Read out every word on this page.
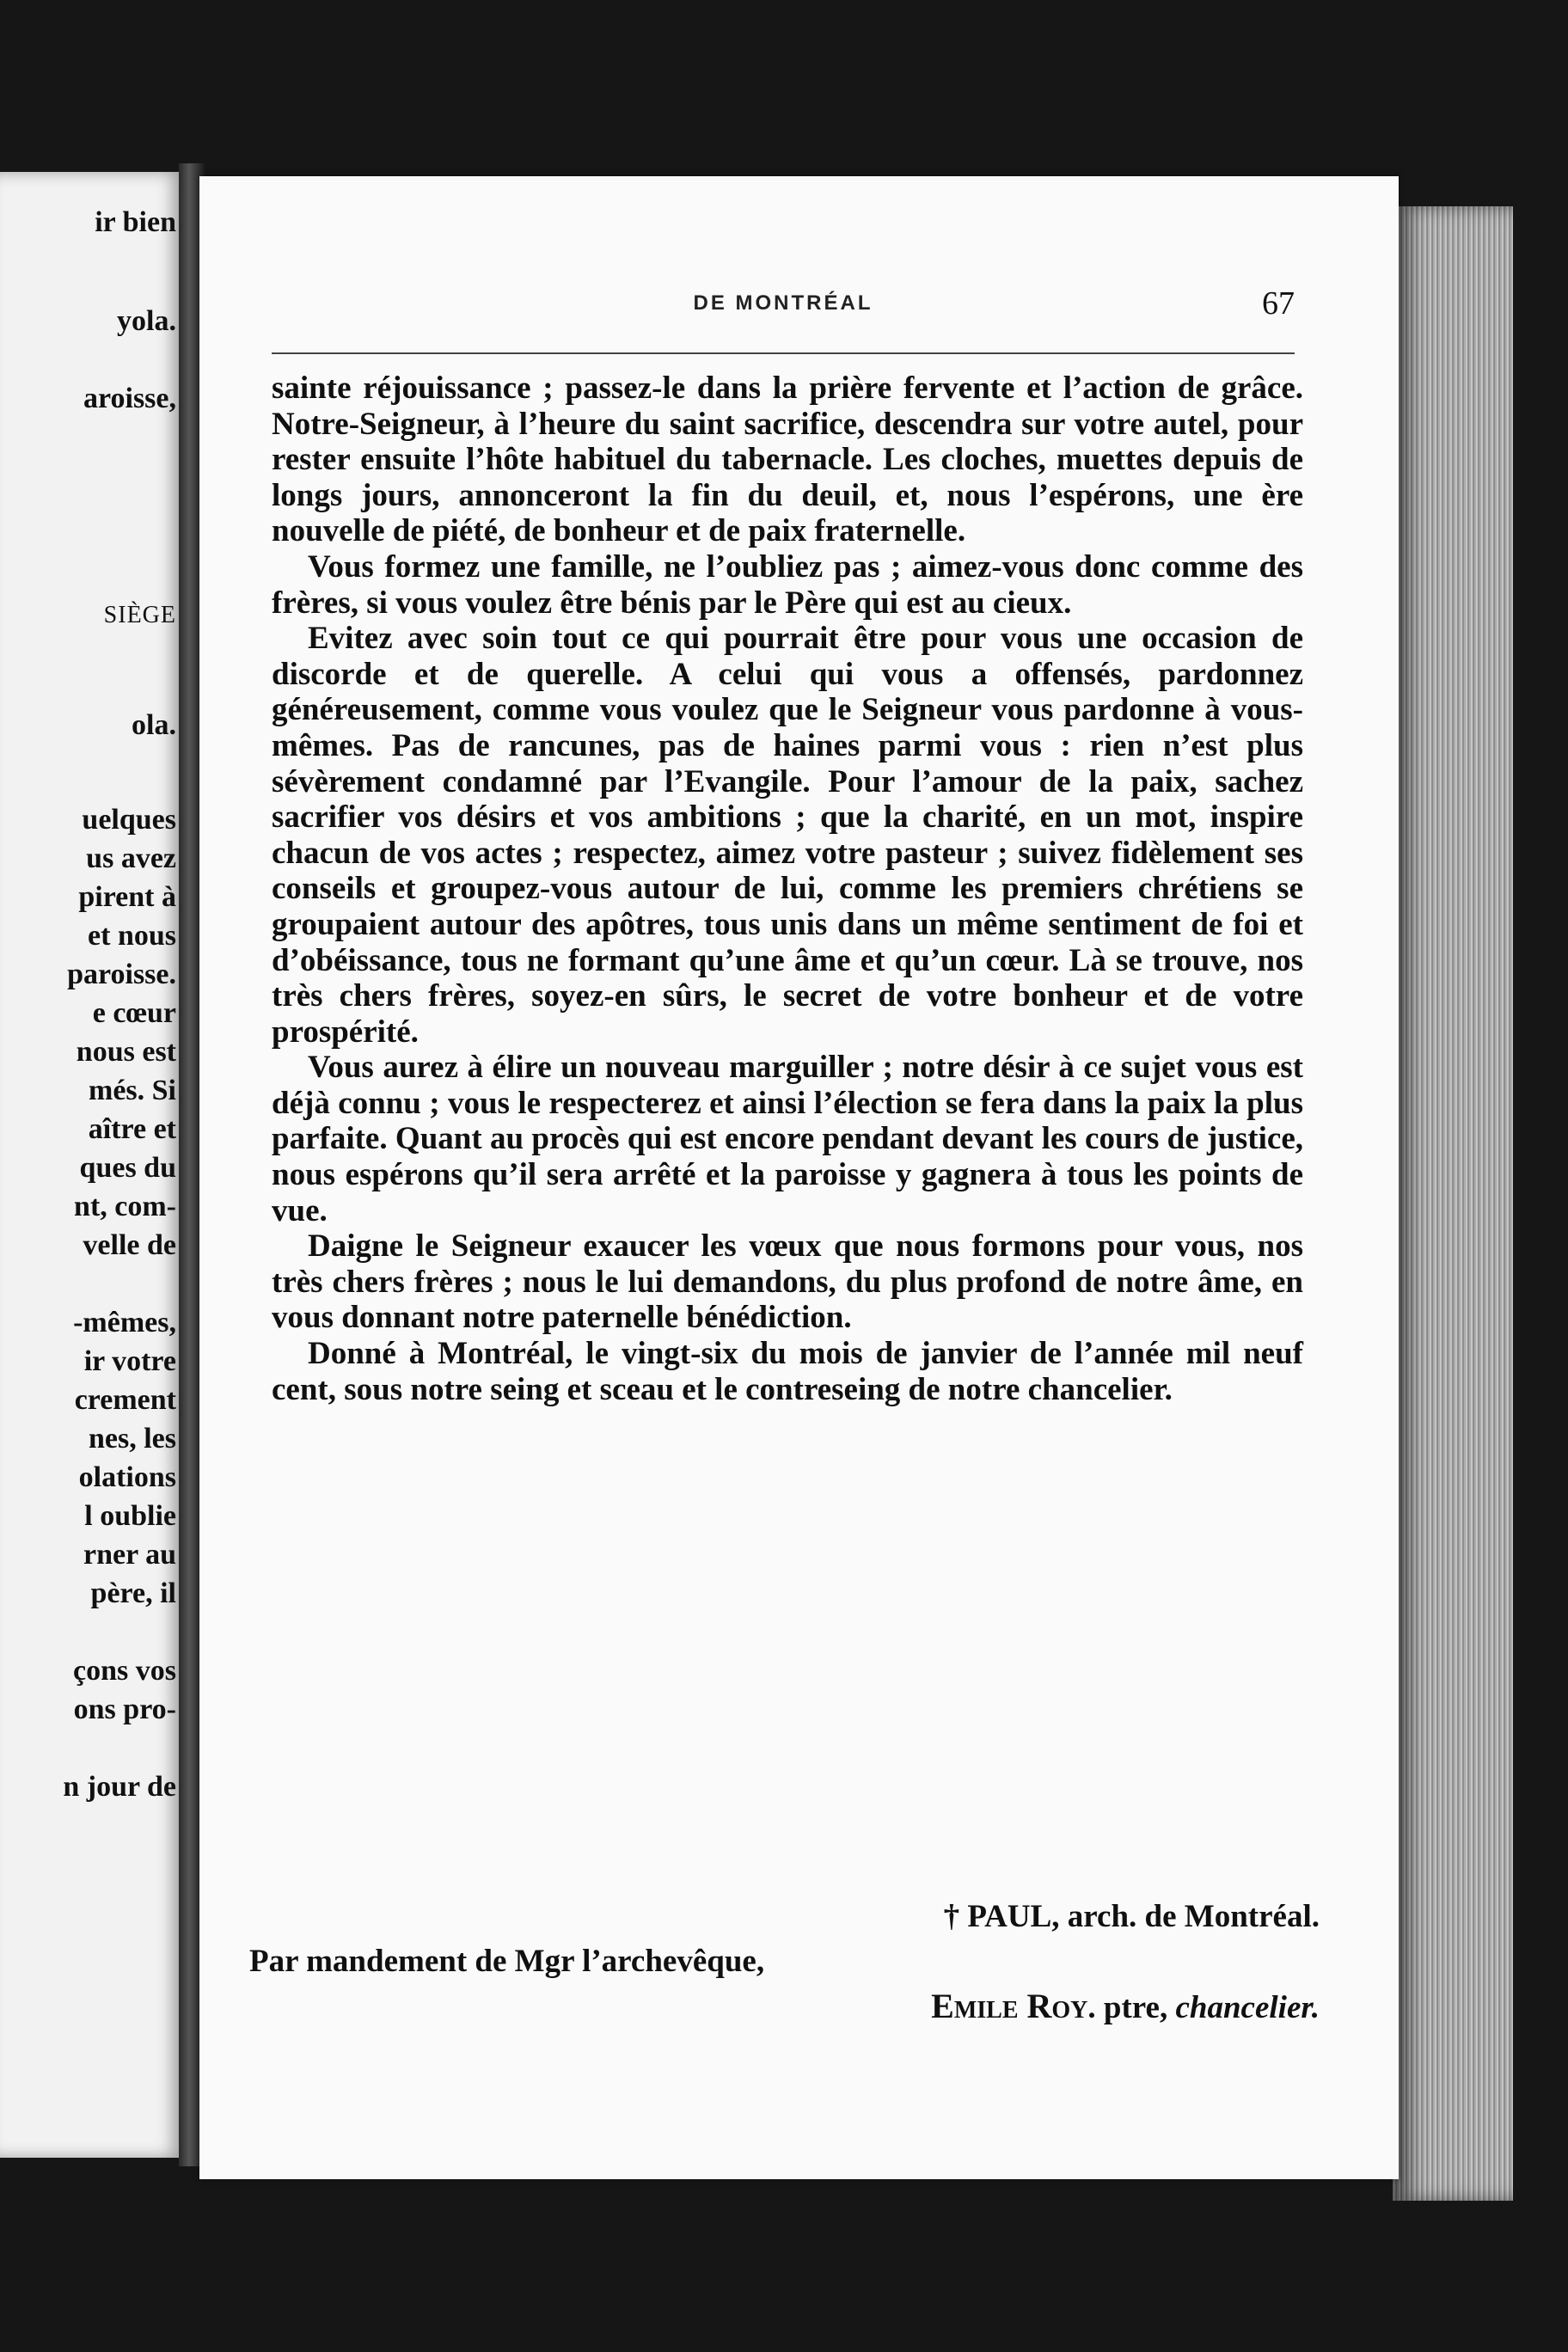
ir bien
yola.
aroisse,
SIÈGE
ola.
uelques
us avez
pirent à
et nous
paroisse.
e cœur
nous est
més. Si
aître et
ques du
nt, com-
velle de
-mêmes,
ir votre
crement
nes, les
olations
l oublie
rner au
père, il
çons vos
ons pro-
n jour de
DE MONTRÉAL	67

sainte réjouissance ; passez-le dans la prière fervente et l’action de grâce. Notre-Seigneur, à l’heure du saint sacrifice, descendra sur votre autel, pour rester ensuite l’hôte habituel du tabernacle. Les cloches, muettes depuis de longs jours, annonceront la fin du deuil, et, nous l’espérons, une ère nouvelle de piété, de bonheur et de paix fraternelle.

Vous formez une famille, ne l’oubliez pas ; aimez-vous donc comme des frères, si vous voulez être bénis par le Père qui est au cieux.

Evitez avec soin tout ce qui pourrait être pour vous une occasion de discorde et de querelle. A celui qui vous a offensés, pardonnez généreusement, comme vous voulez que le Seigneur vous pardonne à vous-mêmes. Pas de rancunes, pas de haines parmi vous : rien n’est plus sévèrement condamné par l’Evangile. Pour l’amour de la paix, sachez sacrifier vos désirs et vos ambitions ; que la charité, en un mot, inspire chacun de vos actes ; respectez, aimez votre pasteur ; suivez fidèlement ses conseils et groupez-vous autour de lui, comme les premiers chrétiens se groupaient autour des apôtres, tous unis dans un même sentiment de foi et d’obéissance, tous ne formant qu’une âme et qu’un cœur. Là se trouve, nos très chers frères, soyez-en sûrs, le secret de votre bonheur et de votre prospérité.

Vous aurez à élire un nouveau marguiller ; notre désir à ce sujet vous est déjà connu ; vous le respecterez et ainsi l’élection se fera dans la paix la plus parfaite. Quant au procès qui est encore pendant devant les cours de justice, nous espérons qu’il sera arrêté et la paroisse y gagnera à tous les points de vue.

Daigne le Seigneur exaucer les vœux que nous formons pour vous, nos très chers frères ; nous le lui demandons, du plus profond de notre âme, en vous donnant notre paternelle bénédiction.

Donné à Montréal, le vingt-six du mois de janvier de l’année mil neuf cent, sous notre seing et sceau et le contreseing de notre chancelier.

† PAUL, arch. de Montréal.
Par mandement de Mgr l’archevêque,
Emile Roy. ptre, chancelier.
